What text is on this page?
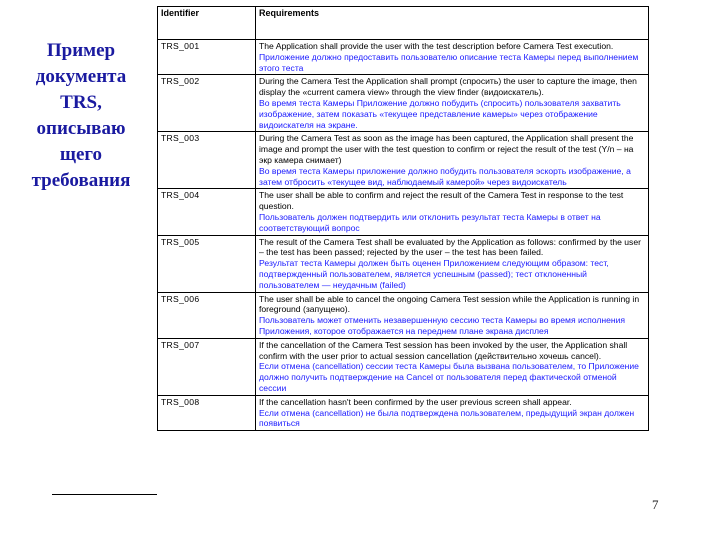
Пример
документа
TRS,
описываю
щего
требования
Identifier	Requirements
TRS_001	The Application shall provide the user with the test description before Camera Test execution.
Приложение должно предоставить пользователю описание теста Камеры перед выполнением этого теста

TRS_002	During the Camera Test the Application shall prompt (спросить) the user to capture the image, then display the «current camera view» through the view finder (видоискатель).
Во время теста Камеры Приложение должно побудить (спросить) пользователя захватить изображение, затем показать «текущее представление камеры» через отображение видоискателя на экране.

TRS_003	During the Camera Test as soon as the image has been captured, the Application shall present the image and prompt the user with the test question to confirm or reject the result of the test (Y/n – на экр камера снимает)
Во время теста Камеры приложение должно побудить пользователя эскорть изображение, а затем отбросить «текущее вид, наблюдаемый камерой» через видоискатель

TRS_004	The user shall be able to confirm and reject the result of the Camera Test in response to the test question.
Пользователь должен подтвердить или отклонить результат теста Камеры в ответ на соответствующий вопрос

TRS_005	The result of the Camera Test shall be evaluated by the Application as follows: confirmed by the user – the test has been passed; rejected by the user – the test has been failed.
Результат теста Камеры должен быть оценен Приложением следующим образом: тест, подтвержденный пользователем, является успешным (passed); тест отклоненный пользователем — неудачным (failed)

TRS_006	The user shall be able to cancel the ongoing Camera Test session while the Application is running in foreground (запущено).
Пользователь может отменить незавершенную сессию теста Камеры во время исполнения Приложения, которое отображается на переднем плане экрана дисплея

TRS_007	If the cancellation of the Camera Test session has been invoked by the user, the Application shall confirm with the user prior to actual session cancellation (действительно хочешь cancel).
Если отмена (cancellation) сессии теста Камеры была вызвана пользователем, то Приложение должно получить подтверждение на Cancel от пользователя перед фактической отменой сессии

TRS_008	If the cancellation hasn't been confirmed by the user previous screen shall appear.
Если отмена (cancellation) не была подтверждена пользователем, предыдущий экран должен появиться
7
